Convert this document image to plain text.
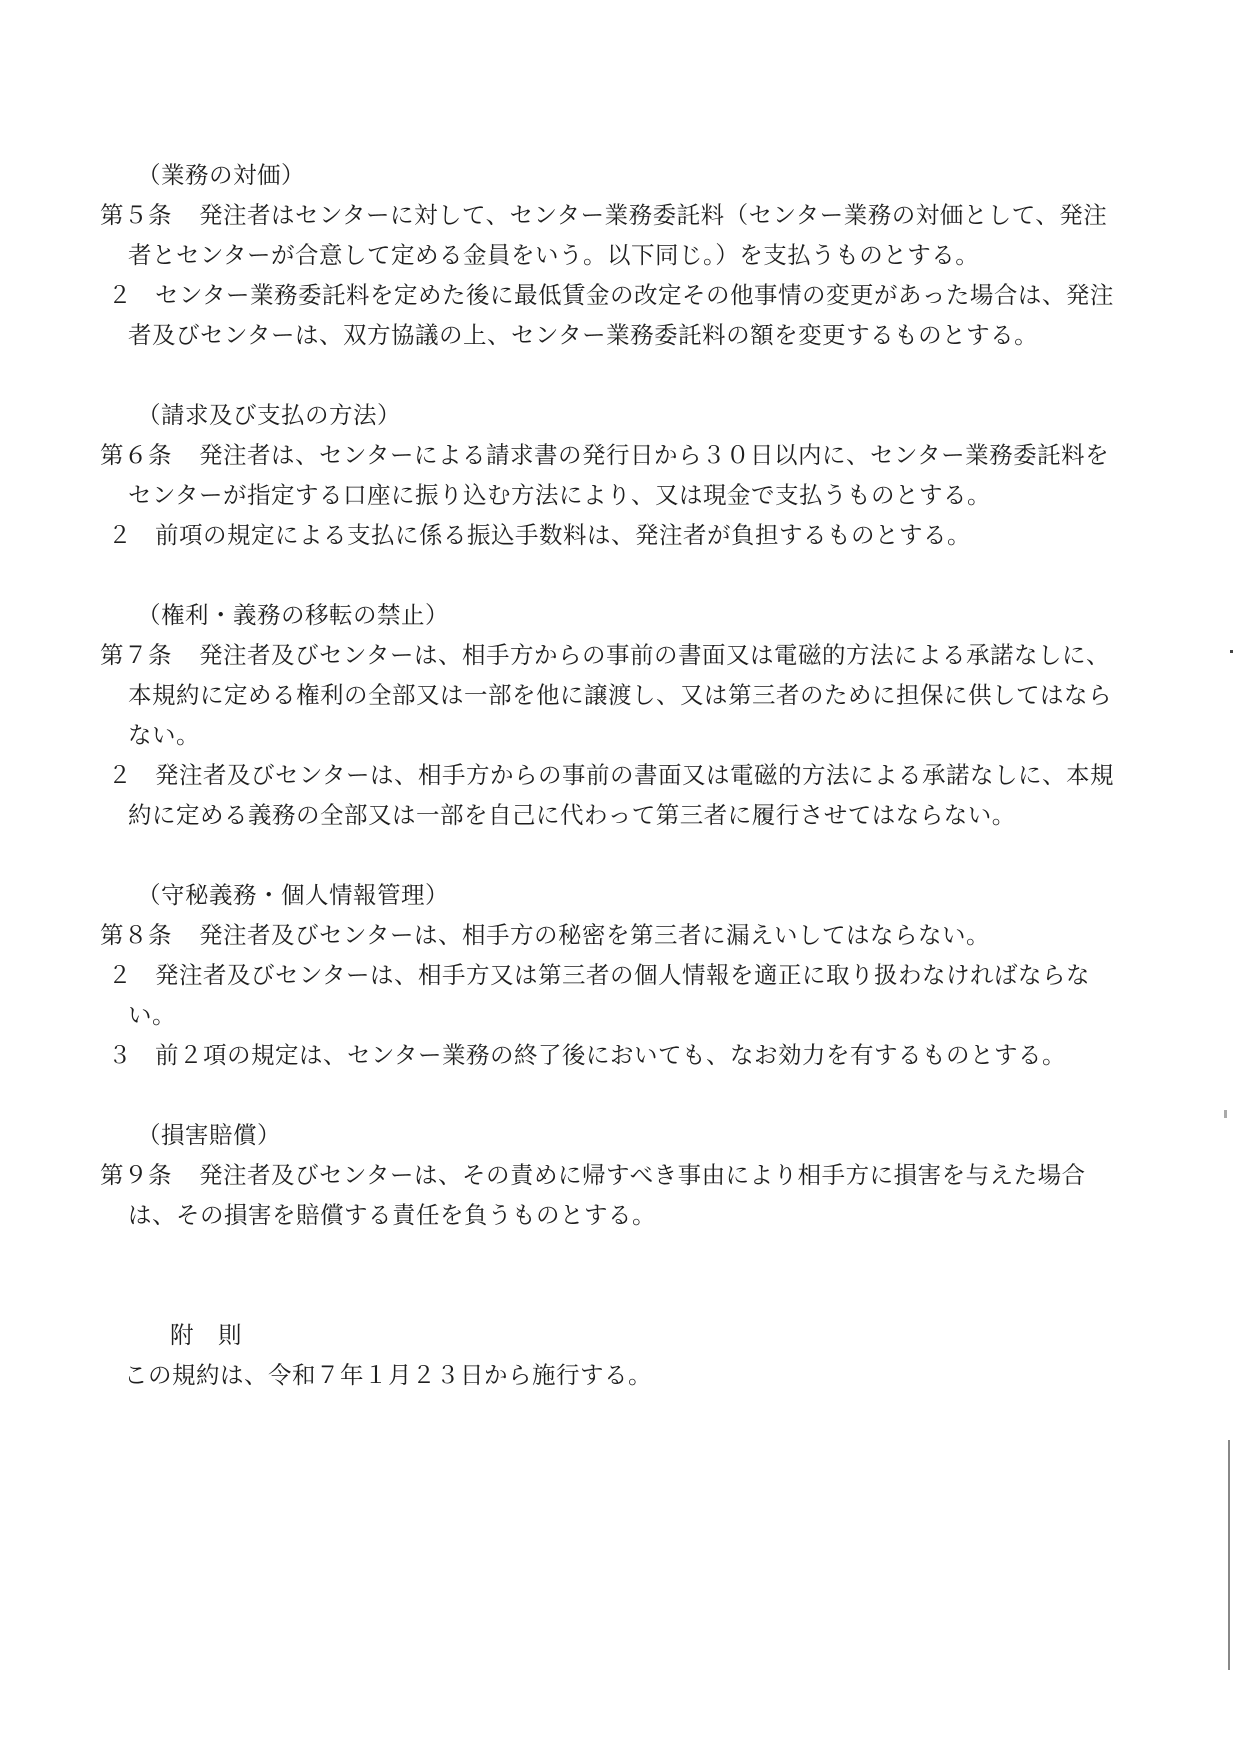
（業務の対価）
第５条 発注者はセンターに対して、センター業務委託料（センター業務の対価として、発注者とセンターが合意して定める金員をいう。以下同じ。）を支払うものとする。
２ センター業務委託料を定めた後に最低賃金の改定その他事情の変更があった場合は、発注者及びセンターは、双方協議の上、センター業務委託料の額を変更するものとする。
（請求及び支払の方法）
第６条 発注者は、センターによる請求書の発行日から３０日以内に、センター業務委託料をセンターが指定する口座に振り込む方法により、又は現金で支払うものとする。
２ 前項の規定による支払に係る振込手数料は、発注者が負担するものとする。
（権利・義務の移転の禁止）
第７条 発注者及びセンターは、相手方からの事前の書面又は電磁的方法による承諾なしに、本規約に定める権利の全部又は一部を他に譲渡し、又は第三者のために担保に供してはならない。
２ 発注者及びセンターは、相手方からの事前の書面又は電磁的方法による承諾なしに、本規約に定める義務の全部又は一部を自己に代わって第三者に履行させてはならない。
（守秘義務・個人情報管理）
第８条 発注者及びセンターは、相手方の秘密を第三者に漏えいしてはならない。
２ 発注者及びセンターは、相手方又は第三者の個人情報を適正に取り扱わなければならない。
３ 前２項の規定は、センター業務の終了後においても、なお効力を有するものとする。
（損害賠償）
第９条 発注者及びセンターは、その責めに帰すべき事由により相手方に損害を与えた場合は、その損害を賠償する責任を負うものとする。
附　則
この規約は、令和７年１月２３日から施行する。
